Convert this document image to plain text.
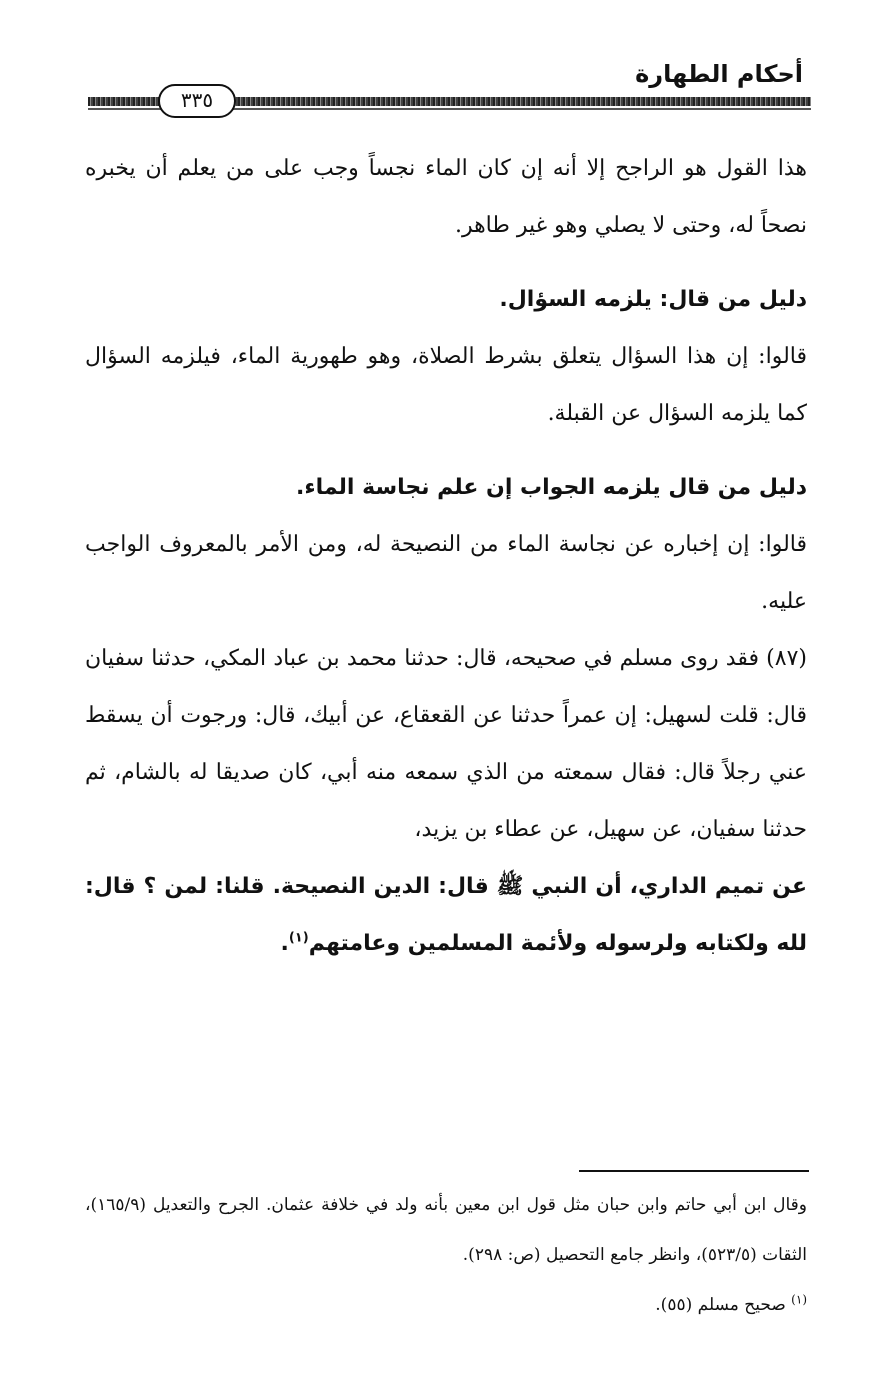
أحكام الطهارة
٣٣٥

هذا القول هو الراجح إلا أنه إن كان الماء نجساً وجب على من يعلم أن يخبره نصحاً له، وحتى لا يصلي وهو غير طاهر.

دليل من قال: يلزمه السؤال.

قالوا: إن هذا السؤال يتعلق بشرط الصلاة، وهو طهورية الماء، فيلزمه السؤال كما يلزمه السؤال عن القبلة.

دليل من قال يلزمه الجواب إن علم نجاسة الماء.

قالوا: إن إخباره عن نجاسة الماء من النصيحة له، ومن الأمر بالمعروف الواجب عليه.

(٨٧) فقد روى مسلم في صحيحه، قال: حدثنا محمد بن عباد المكي، حدثنا سفيان قال: قلت لسهيل: إن عمراً حدثنا عن القعقاع، عن أبيك، قال: ورجوت أن يسقط عني رجلاً قال: فقال سمعته من الذي سمعه منه أبي، كان صديقا له بالشام، ثم حدثنا سفيان، عن سهيل، عن عطاء بن يزيد،

عن تميم الداري، أن النبي ﷺ قال: الدين النصيحة. قلنا: لمن ؟ قال: لله ولكتابه ولرسوله ولأئمة المسلمين وعامتهم$^{(١)}$.

وقال ابن أبي حاتم وابن حبان مثل قول ابن معين بأنه ولد في خلافة عثمان. الجرح والتعديل (١٦٥/٩)، الثقات (٥٢٣/٥)، وانظر جامع التحصيل (ص: ٢٩٨).

$^{(١)}$ صحيح مسلم (٥٥).
